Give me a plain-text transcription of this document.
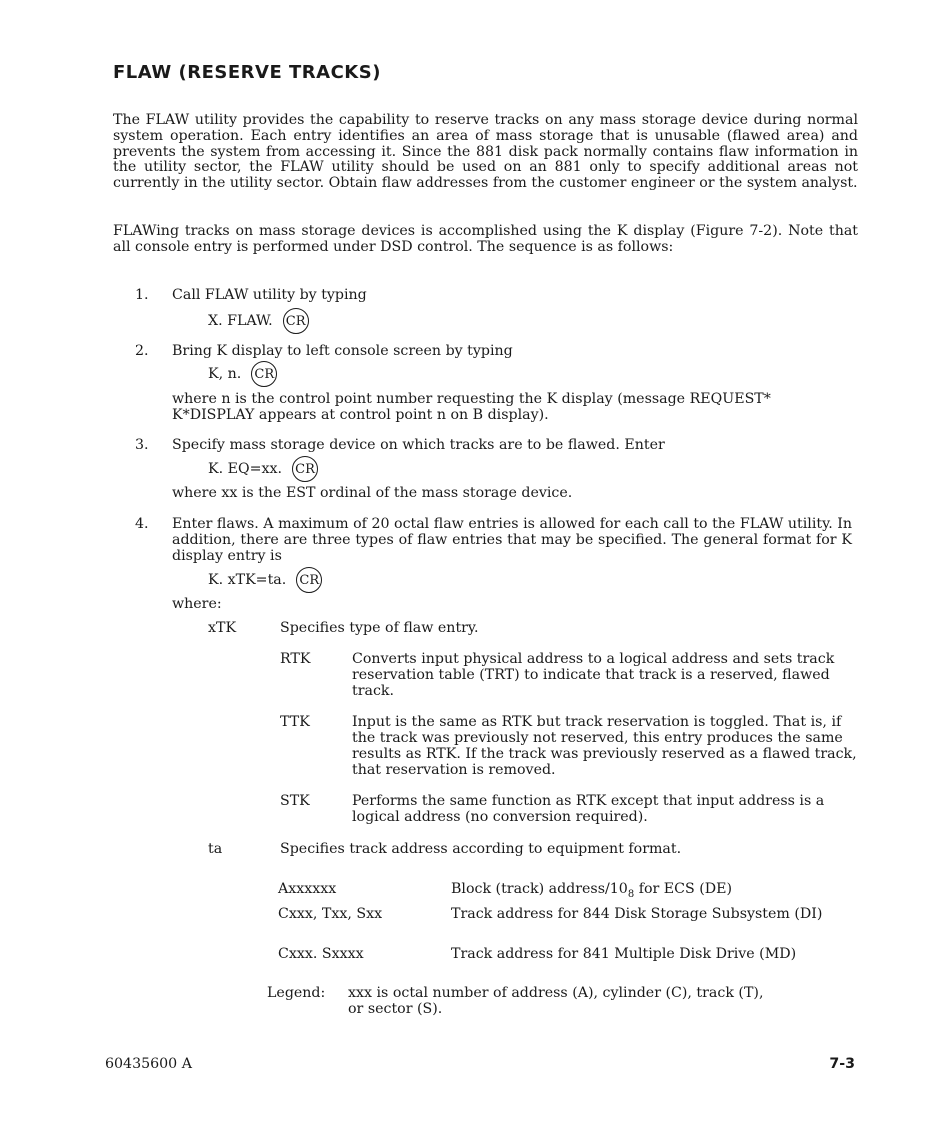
FLAW (RESERVE TRACKS)

The FLAW utility provides the capability to reserve tracks on any mass storage device during normal system operation. Each entry identifies an area of mass storage that is unusable (flawed area) and prevents the system from accessing it. Since the 881 disk pack normally contains flaw information in the utility sector, the FLAW utility should be used on an 881 only to specify additional areas not currently in the utility sector. Obtain flaw addresses from the customer engineer or the system analyst.

FLAWing tracks on mass storage devices is accomplished using the K display (Figure 7-2). Note that all console entry is performed under DSD control. The sequence is as follows:

1. Call FLAW utility by typing

X. FLAW. CR
2. Bring K display to left console screen by typing

K, n. CR

where n is the control point number requesting the K display (message REQUEST* K*DISPLAY appears at control point n on B display).

3. Specify mass storage device on which tracks are to be flawed. Enter

K. EQ=xx. CR

where xx is the EST ordinal of the mass storage device.

4. Enter flaws. A maximum of 20 octal flaw entries is allowed for each call to the FLAW utility. In addition, there are three types of flaw entries that may be specified. The general format for K display entry is

K. xTK=ta. CR

where:

xTK	Specifies type of flaw entry.

RTK	Converts input physical address to a logical address and sets track reservation table (TRT) to indicate that track is a reserved, flawed track.

TTK	Input is the same as RTK but track reservation is toggled. That is, if the track was previously not reserved, this entry produces the same results as RTK. If the track was previously reserved as a flawed track, that reservation is removed.

STK	Performs the same function as RTK except that input address is a logical address (no conversion required).

ta	Specifies track address according to equipment format.

Axxxxxx	Block (track) address/$10_8$ for ECS (DE)

Cxxx, Txx, Sxx	Track address for 844 Disk Storage Subsystem (DI)

Cxxx. Sxxxx	Track address for 841 Multiple Disk Drive (MD)

Legend: xxx is octal number of address (A), cylinder (C), track (T), or sector (S).

60435600 A	7-3
